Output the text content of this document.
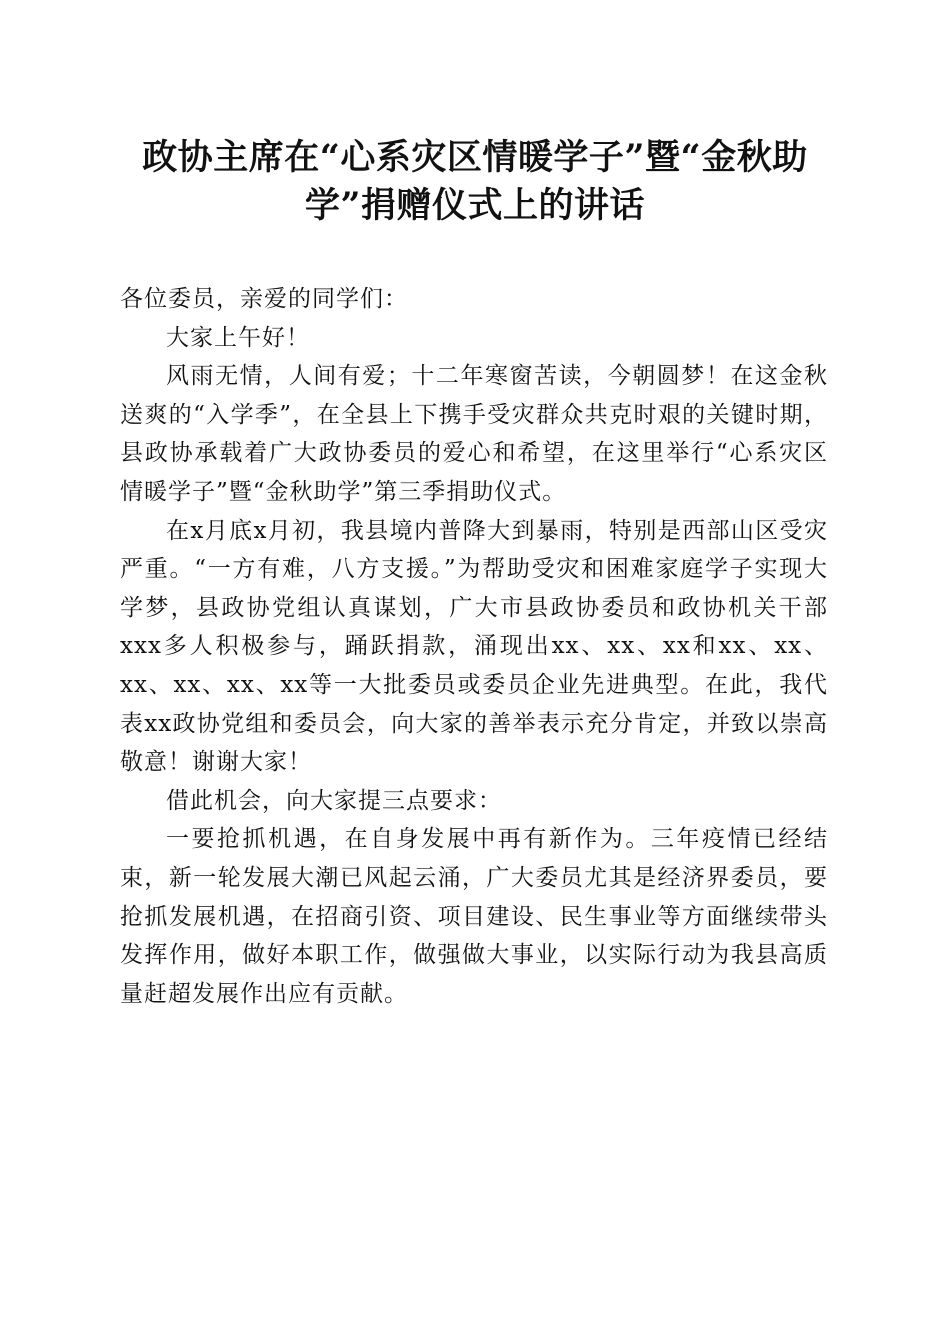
政协主席在“心系灾区情暖学子”暨“金秋助
学”捐赠仪式上的讲话

各位委员，亲爱的同学们：

大家上午好！

风雨无情，人间有爱；十二年寒窗苦读，今朝圆梦！在这金秋送爽的“入学季”，在全县上下携手受灾群众共克时艰的关键时期，县政协承载着广大政协委员的爱心和希望，在这里举行“心系灾区情暖学子”暨“金秋助学”第三季捐助仪式。

在x月底x月初，我县境内普降大到暴雨，特别是西部山区受灾严重。“一方有难，八方支援。”为帮助受灾和困难家庭学子实现大学梦，县政协党组认真谋划，广大市县政协委员和政协机关干部xxx多人积极参与，踊跃捐款，涌现出xx、xx、xx和xx、xx、xx、xx、xx、xx等一大批委员或委员企业先进典型。在此，我代表xx政协党组和委员会，向大家的善举表示充分肯定，并致以崇高敬意！谢谢大家！

借此机会，向大家提三点要求：

一要抢抓机遇，在自身发展中再有新作为。三年疫情已经结束，新一轮发展大潮已风起云涌，广大委员尤其是经济界委员，要抢抓发展机遇，在招商引资、项目建设、民生事业等方面继续带头发挥作用，做好本职工作，做强做大事业，以实际行动为我县高质量赶超发展作出应有贡献。
